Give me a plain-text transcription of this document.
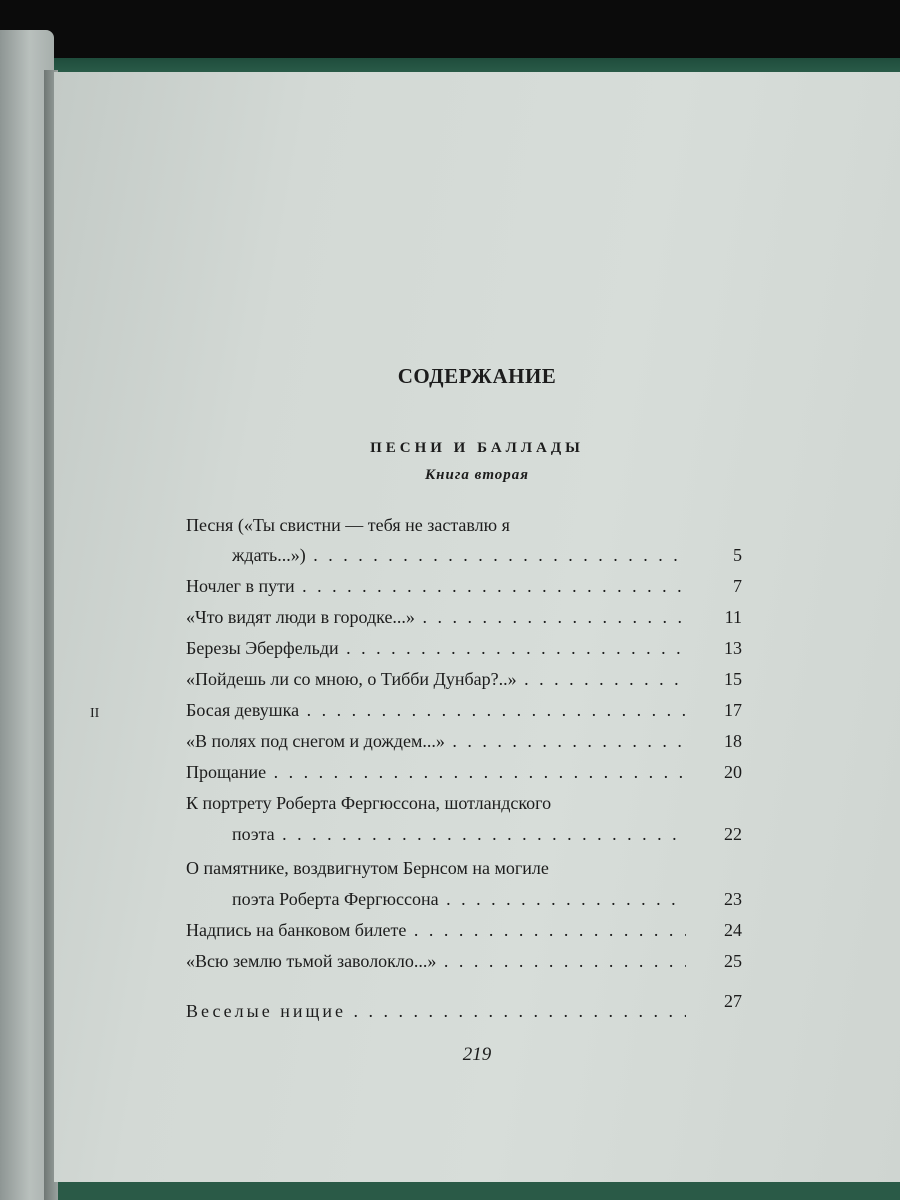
II
СОДЕРЖАНИЕ
ПЕСНИ И БАЛЛАДЫ
Книга вторая
Песня («Ты свистни — тебя не заставлю я
ждать...») . . .	5
Ночлег в пути . . .	7
«Что видят люди в городке...» . . .	11
Березы Эберфельди . . .	13
«Пойдешь ли со мною, о Тибби Дунбар?..» . . .	15
Босая девушка . . .	17
«В полях под снегом и дождем...» . . .	18
Прощание . . .	20
К портрету Роберта Фергюссона, шотландского
поэта . . .	22
О памятнике, воздвигнутом Бернсом на могиле
поэта Роберта Фергюссона . . .	23
Надпись на банковом билете . . .	24
«Всю землю тьмой заволокло...» . . .	25
Веселые нищие . . .	27
219
